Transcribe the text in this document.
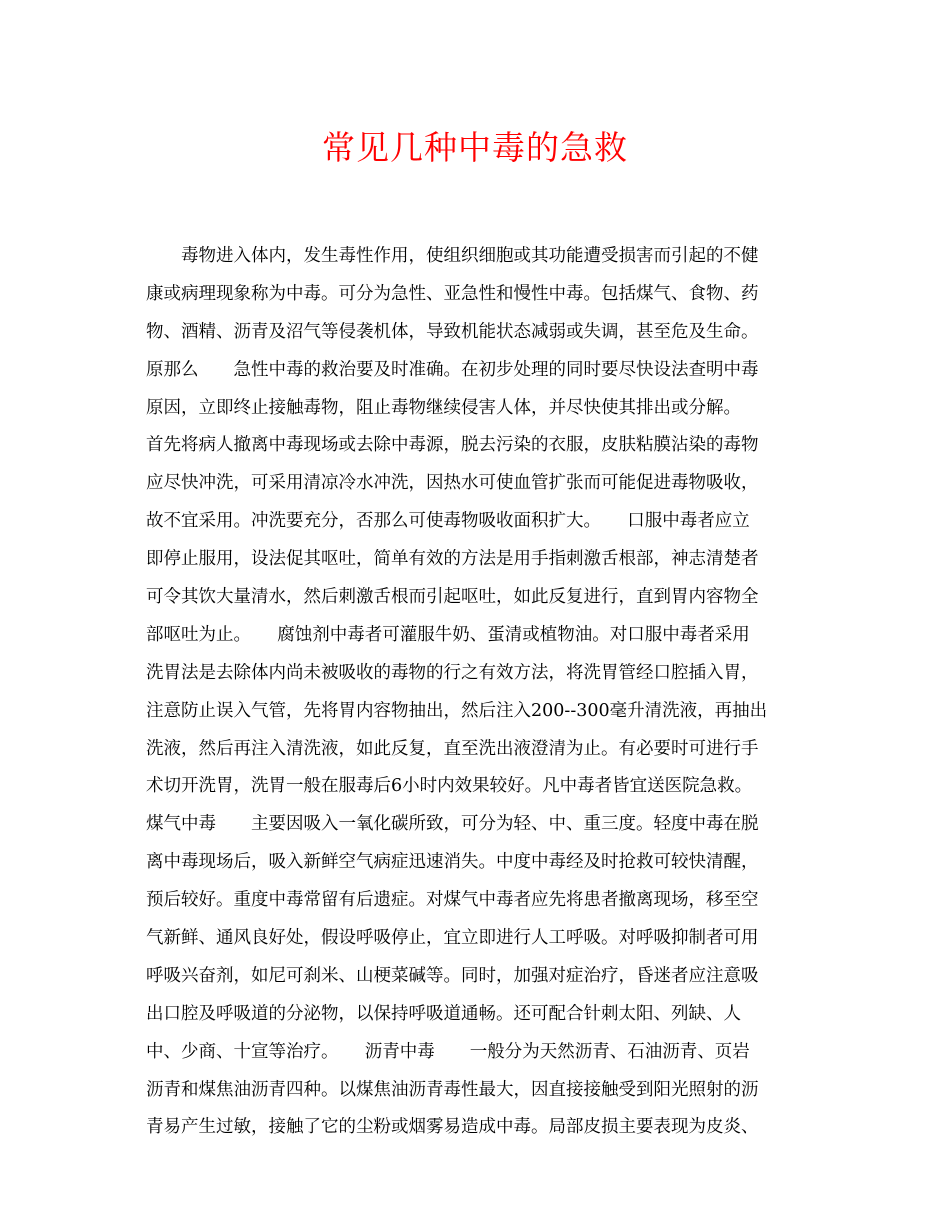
常见几种中毒的急救
毒物进入体内，发生毒性作用，使组织细胞或其功能遭受损害而引起的不健
康或病理现象称为中毒。可分为急性、亚急性和慢性中毒。包括煤气、食物、药
物、酒精、沥青及沼气等侵袭机体，导致机能状态减弱或失调，甚至危及生命。
原那么　　急性中毒的救治要及时准确。在初步处理的同时要尽快设法查明中毒
原因，立即终止接触毒物，阻止毒物继续侵害人体，并尽快使其排出或分解。
首先将病人撤离中毒现场或去除中毒源，脱去污染的衣服，皮肤粘膜沾染的毒物
应尽快冲洗，可采用清凉冷水冲洗，因热水可使血管扩张而可能促进毒物吸收，
故不宜采用。冲洗要充分，否那么可使毒物吸收面积扩大。　　口服中毒者应立
即停止服用，设法促其呕吐，简单有效的方法是用手指刺激舌根部，神志清楚者
可令其饮大量清水，然后刺激舌根而引起呕吐，如此反复进行，直到胃内容物全
部呕吐为止。　　腐蚀剂中毒者可灌服牛奶、蛋清或植物油。对口服中毒者采用
洗胃法是去除体内尚未被吸收的毒物的行之有效方法，将洗胃管经口腔插入胃，
注意防止误入气管，先将胃内容物抽出，然后注入200--300毫升清洗液，再抽出
洗液，然后再注入清洗液，如此反复，直至洗出液澄清为止。有必要时可进行手
术切开洗胃，洗胃一般在服毒后6小时内效果较好。凡中毒者皆宜送医院急救。
煤气中毒　　主要因吸入一氧化碳所致，可分为轻、中、重三度。轻度中毒在脱
离中毒现场后，吸入新鲜空气病症迅速消失。中度中毒经及时抢救可较快清醒，
预后较好。重度中毒常留有后遗症。对煤气中毒者应先将患者撤离现场，移至空
气新鲜、通风良好处，假设呼吸停止，宜立即进行人工呼吸。对呼吸抑制者可用
呼吸兴奋剂，如尼可刹米、山梗菜碱等。同时，加强对症治疗，昏迷者应注意吸
出口腔及呼吸道的分泌物，以保持呼吸道通畅。还可配合针刺太阳、列缺、人
中、少商、十宣等治疗。　　沥青中毒　　一般分为天然沥青、石油沥青、页岩
沥青和煤焦油沥青四种。以煤焦油沥青毒性最大，因直接接触受到阳光照射的沥
青易产生过敏，接触了它的尘粉或烟雾易造成中毒。局部皮损主要表现为皮炎、
